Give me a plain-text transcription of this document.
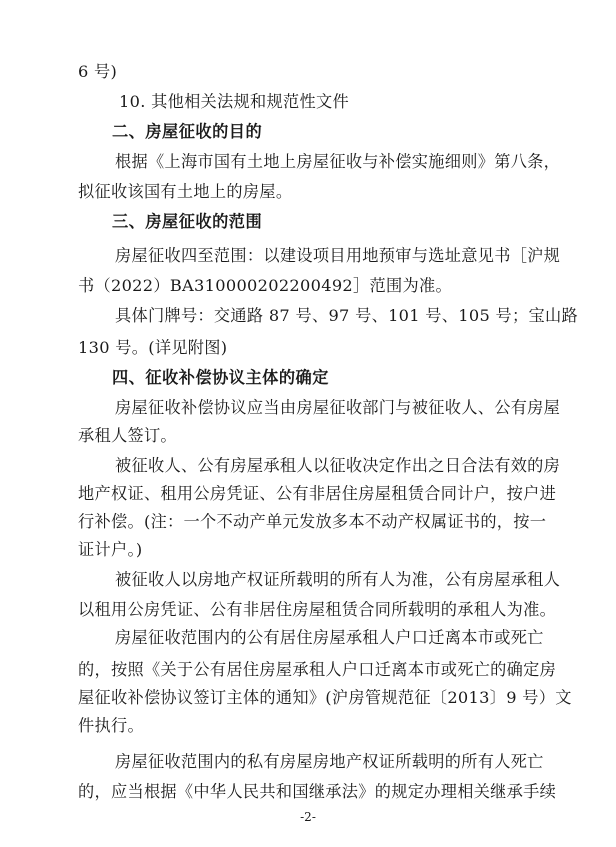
6 号)
10. 其他相关法规和规范性文件
二、房屋征收的目的
根据《上海市国有土地上房屋征收与补偿实施细则》第八条，
拟征收该国有土地上的房屋。
三、房屋征收的范围
房屋征收四至范围：以建设项目用地预审与选址意见书［沪规
书（2022）BA310000202200492］范围为准。
具体门牌号：交通路 87 号、97 号、101 号、105 号；宝山路
130 号。(详见附图)
四、征收补偿协议主体的确定
房屋征收补偿协议应当由房屋征收部门与被征收人、公有房屋
承租人签订。
被征收人、公有房屋承租人以征收决定作出之日合法有效的房
地产权证、租用公房凭证、公有非居住房屋租赁合同计户，按户进
行补偿。(注：一个不动产单元发放多本不动产权属证书的，按一
证计户。)
被征收人以房地产权证所载明的所有人为准，公有房屋承租人
以租用公房凭证、公有非居住房屋租赁合同所载明的承租人为准。
房屋征收范围内的公有居住房屋承租人户口迁离本市或死亡
的，按照《关于公有居住房屋承租人户口迁离本市或死亡的确定房
屋征收补偿协议签订主体的通知》(沪房管规范征〔2013〕9 号）文
件执行。
-2-
房屋征收范围内的私有房屋房地产权证所载明的所有人死亡
的，应当根据《中华人民共和国继承法》的规定办理相关继承手续
